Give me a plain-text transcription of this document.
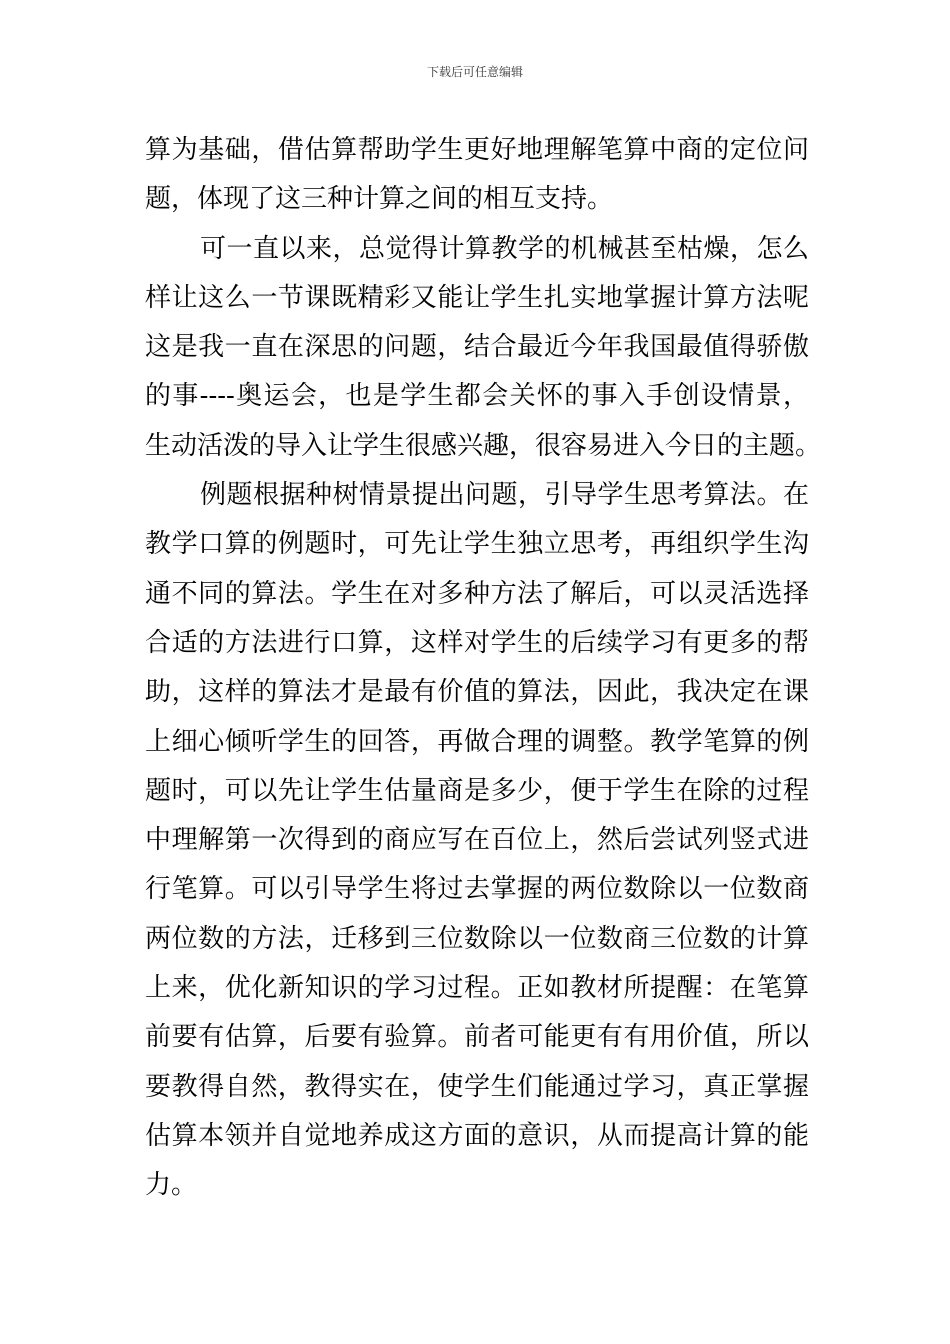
下载后可任意编辑

算为基础，借估算帮助学生更好地理解笔算中商的定位问
题，体现了这三种计算之间的相互支持。

可一直以来，总觉得计算教学的机械甚至枯燥，怎么
样让这么一节课既精彩又能让学生扎实地掌握计算方法呢
这是我一直在深思的问题，结合最近今年我国最值得骄傲
的事----奥运会，也是学生都会关怀的事入手创设情景，
生动活泼的导入让学生很感兴趣，很容易进入今日的主题。

例题根据种树情景提出问题，引导学生思考算法。在
教学口算的例题时，可先让学生独立思考，再组织学生沟
通不同的算法。学生在对多种方法了解后，可以灵活选择
合适的方法进行口算，这样对学生的后续学习有更多的帮
助，这样的算法才是最有价值的算法，因此，我决定在课
上细心倾听学生的回答，再做合理的调整。教学笔算的例
题时，可以先让学生估量商是多少，便于学生在除的过程
中理解第一次得到的商应写在百位上，然后尝试列竖式进
行笔算。可以引导学生将过去掌握的两位数除以一位数商
两位数的方法，迁移到三位数除以一位数商三位数的计算
上来，优化新知识的学习过程。正如教材所提醒：在笔算
前要有估算，后要有验算。前者可能更有有用价值，所以
要教得自然，教得实在，使学生们能通过学习，真正掌握
估算本领并自觉地养成这方面的意识，从而提高计算的能
力。
